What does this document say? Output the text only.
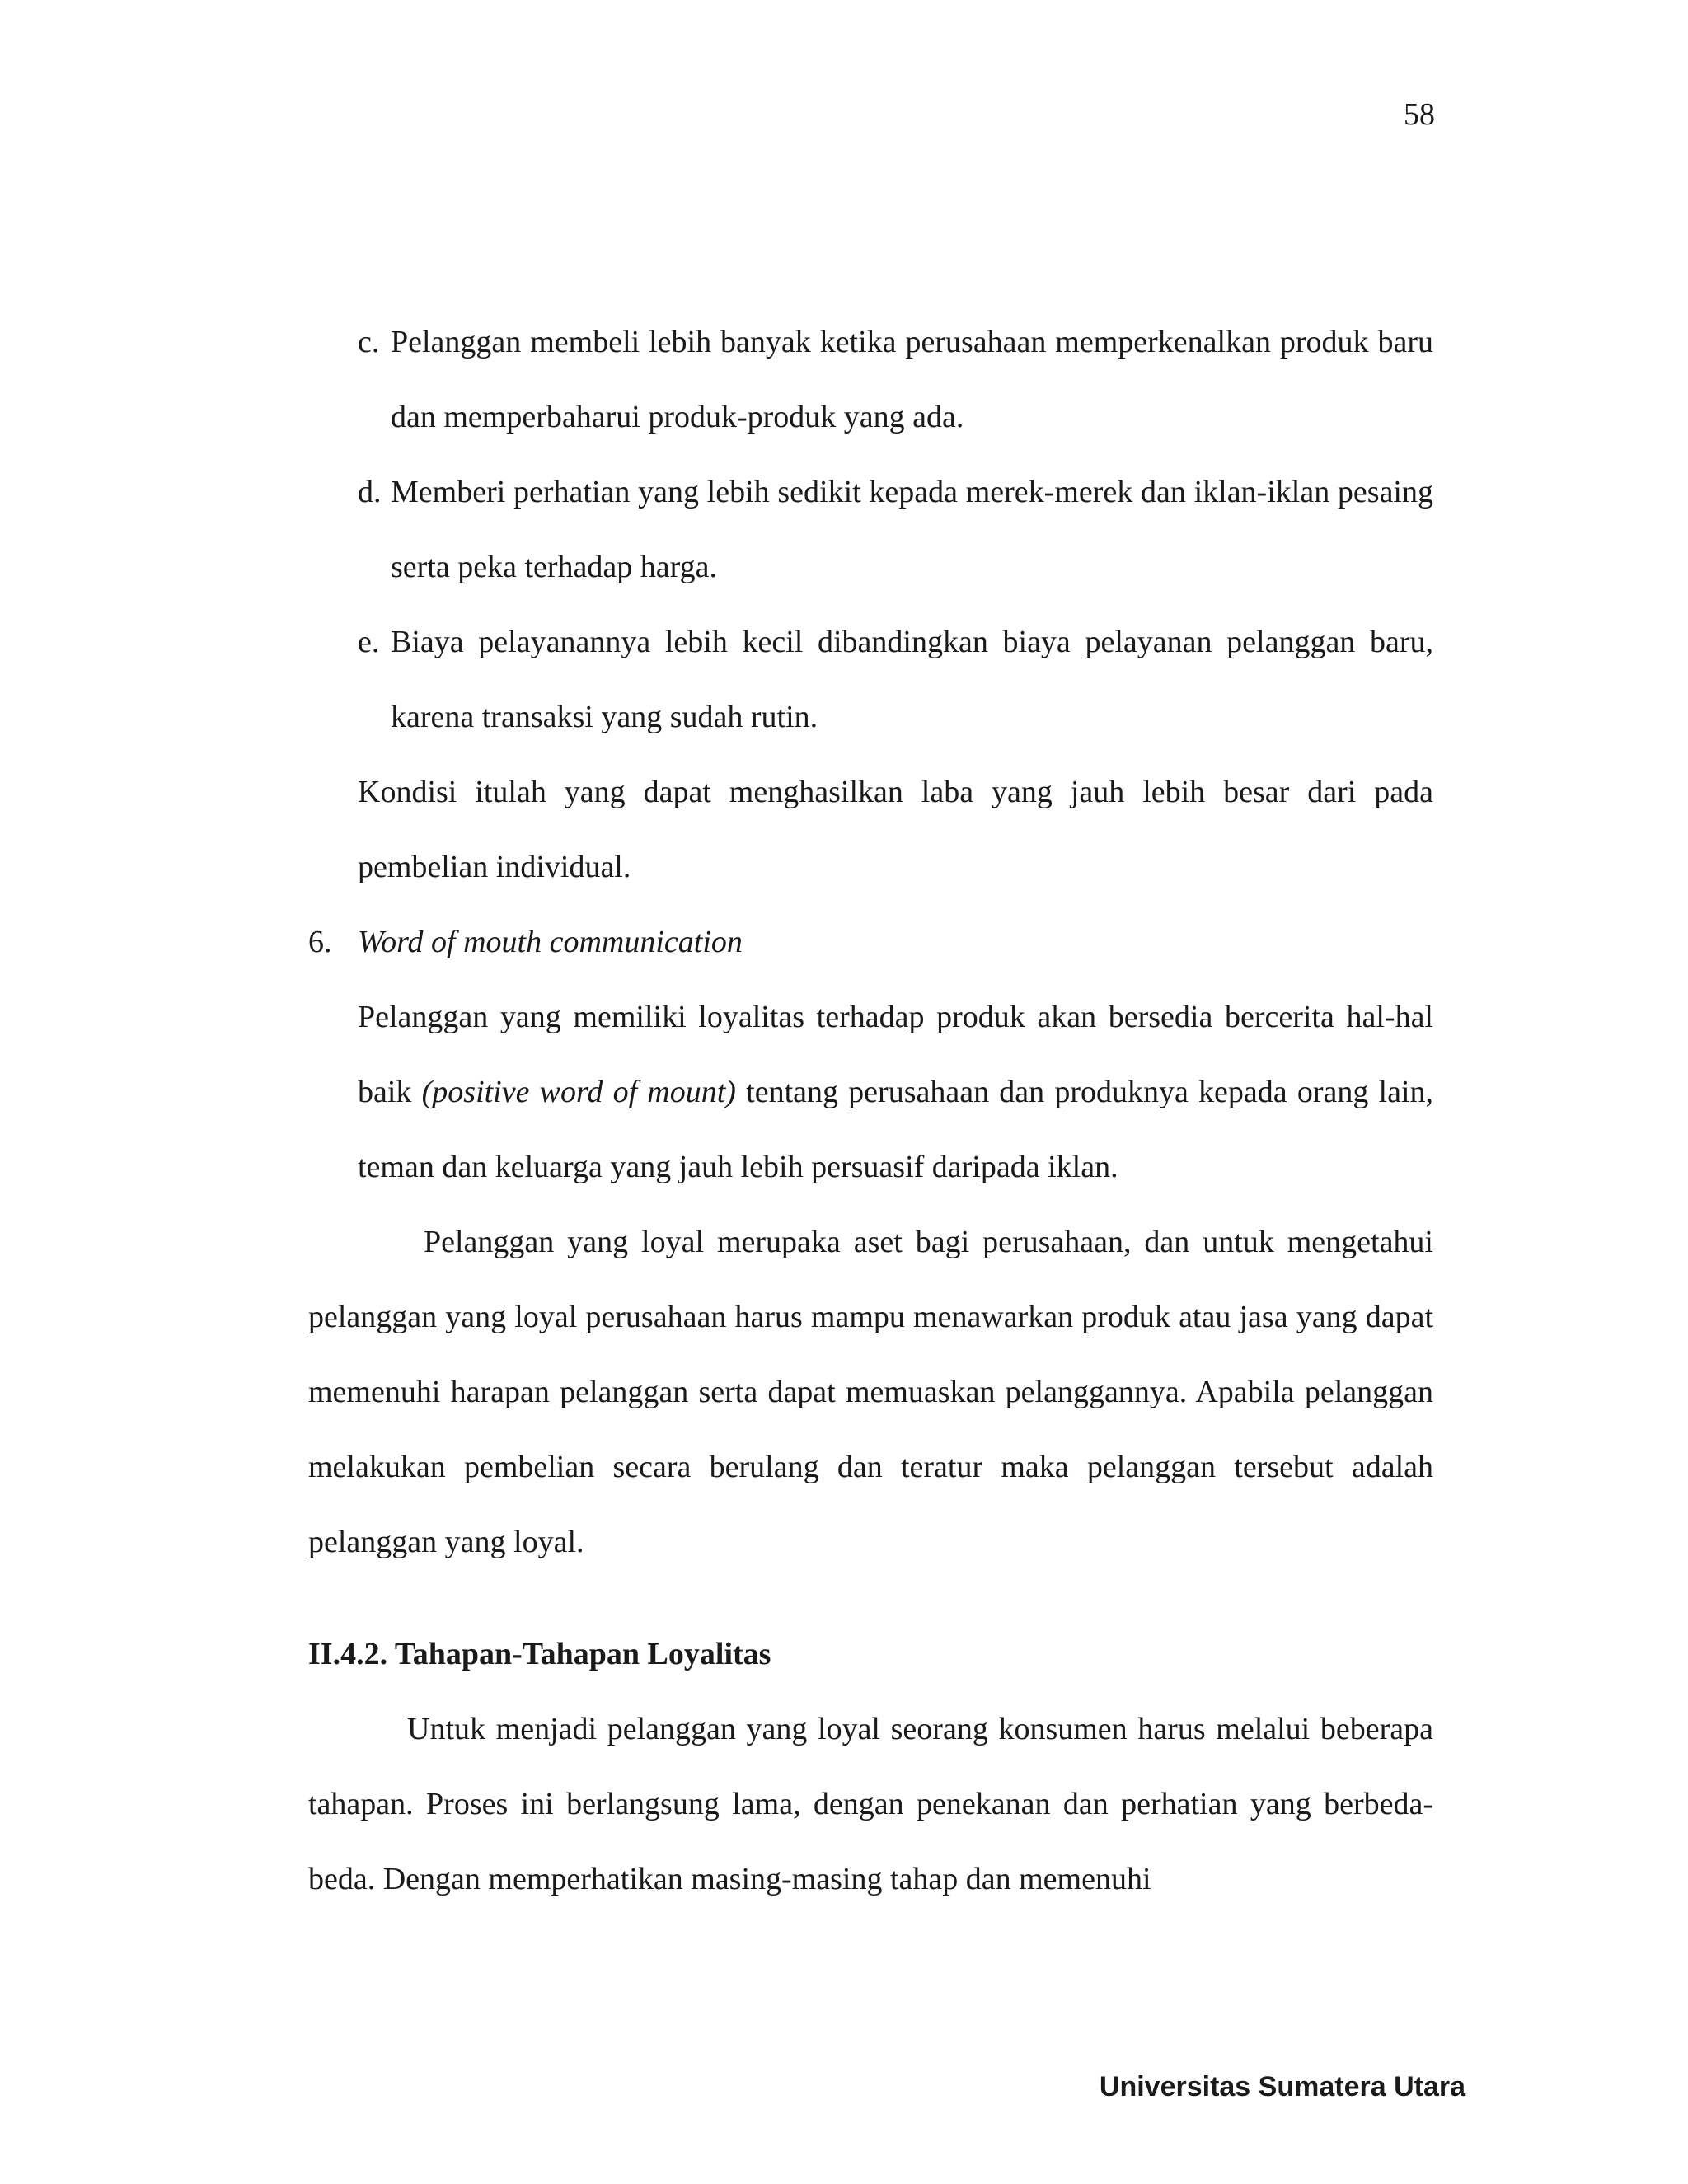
58
c. Pelanggan membeli lebih banyak ketika perusahaan memperkenalkan produk baru dan memperbaharui produk-produk yang ada.
d. Memberi perhatian yang lebih sedikit kepada merek-merek dan iklan-iklan pesaing serta peka terhadap harga.
e. Biaya pelayanannya lebih kecil dibandingkan biaya pelayanan pelanggan baru, karena transaksi yang sudah rutin.

Kondisi itulah yang dapat menghasilkan laba yang jauh lebih besar dari pada pembelian individual.

6. Word of mouth communication

Pelanggan yang memiliki loyalitas terhadap produk akan bersedia bercerita hal-hal baik (positive word of mount) tentang perusahaan dan produknya kepada orang lain, teman dan keluarga yang jauh lebih persuasif daripada iklan.

Pelanggan yang loyal merupaka aset bagi perusahaan, dan untuk mengetahui pelanggan yang loyal perusahaan harus mampu menawarkan produk atau jasa yang dapat memenuhi harapan pelanggan serta dapat memuaskan pelanggannya. Apabila pelanggan melakukan pembelian secara berulang dan teratur maka pelanggan tersebut adalah pelanggan yang loyal.

II.4.2. Tahapan-Tahapan Loyalitas

Untuk menjadi pelanggan yang loyal seorang konsumen harus melalui beberapa tahapan. Proses ini berlangsung lama, dengan penekanan dan perhatian yang berbeda-beda. Dengan memperhatikan masing-masing tahap dan memenuhi

Universitas Sumatera Utara
